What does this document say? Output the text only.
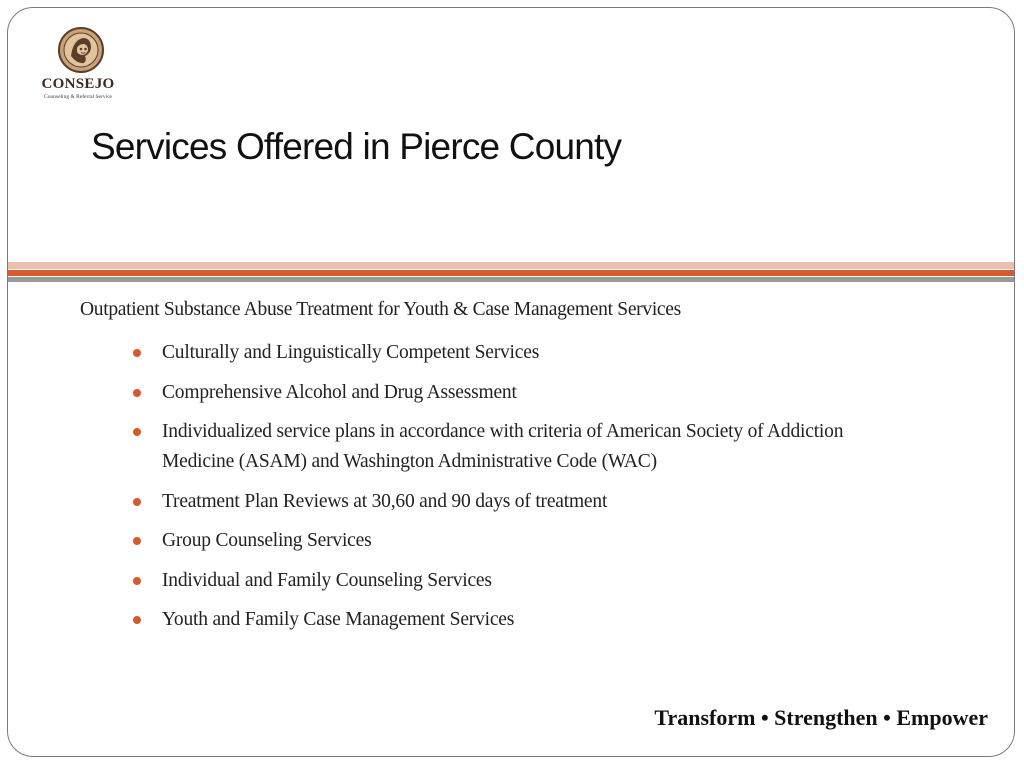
CONSEJO
Counseling & Referral Service
Services Offered in Pierce County

Outpatient Substance Abuse Treatment for Youth & Case Management Services

Culturally and Linguistically Competent Services
Comprehensive Alcohol and Drug Assessment
Individualized service plans in accordance with criteria of American Society of Addiction Medicine (ASAM) and Washington Administrative Code (WAC)
Treatment Plan Reviews at 30,60 and 90 days of treatment
Group Counseling Services
Individual and Family Counseling Services
Youth and Family Case Management Services
Transform • Strengthen • Empower
